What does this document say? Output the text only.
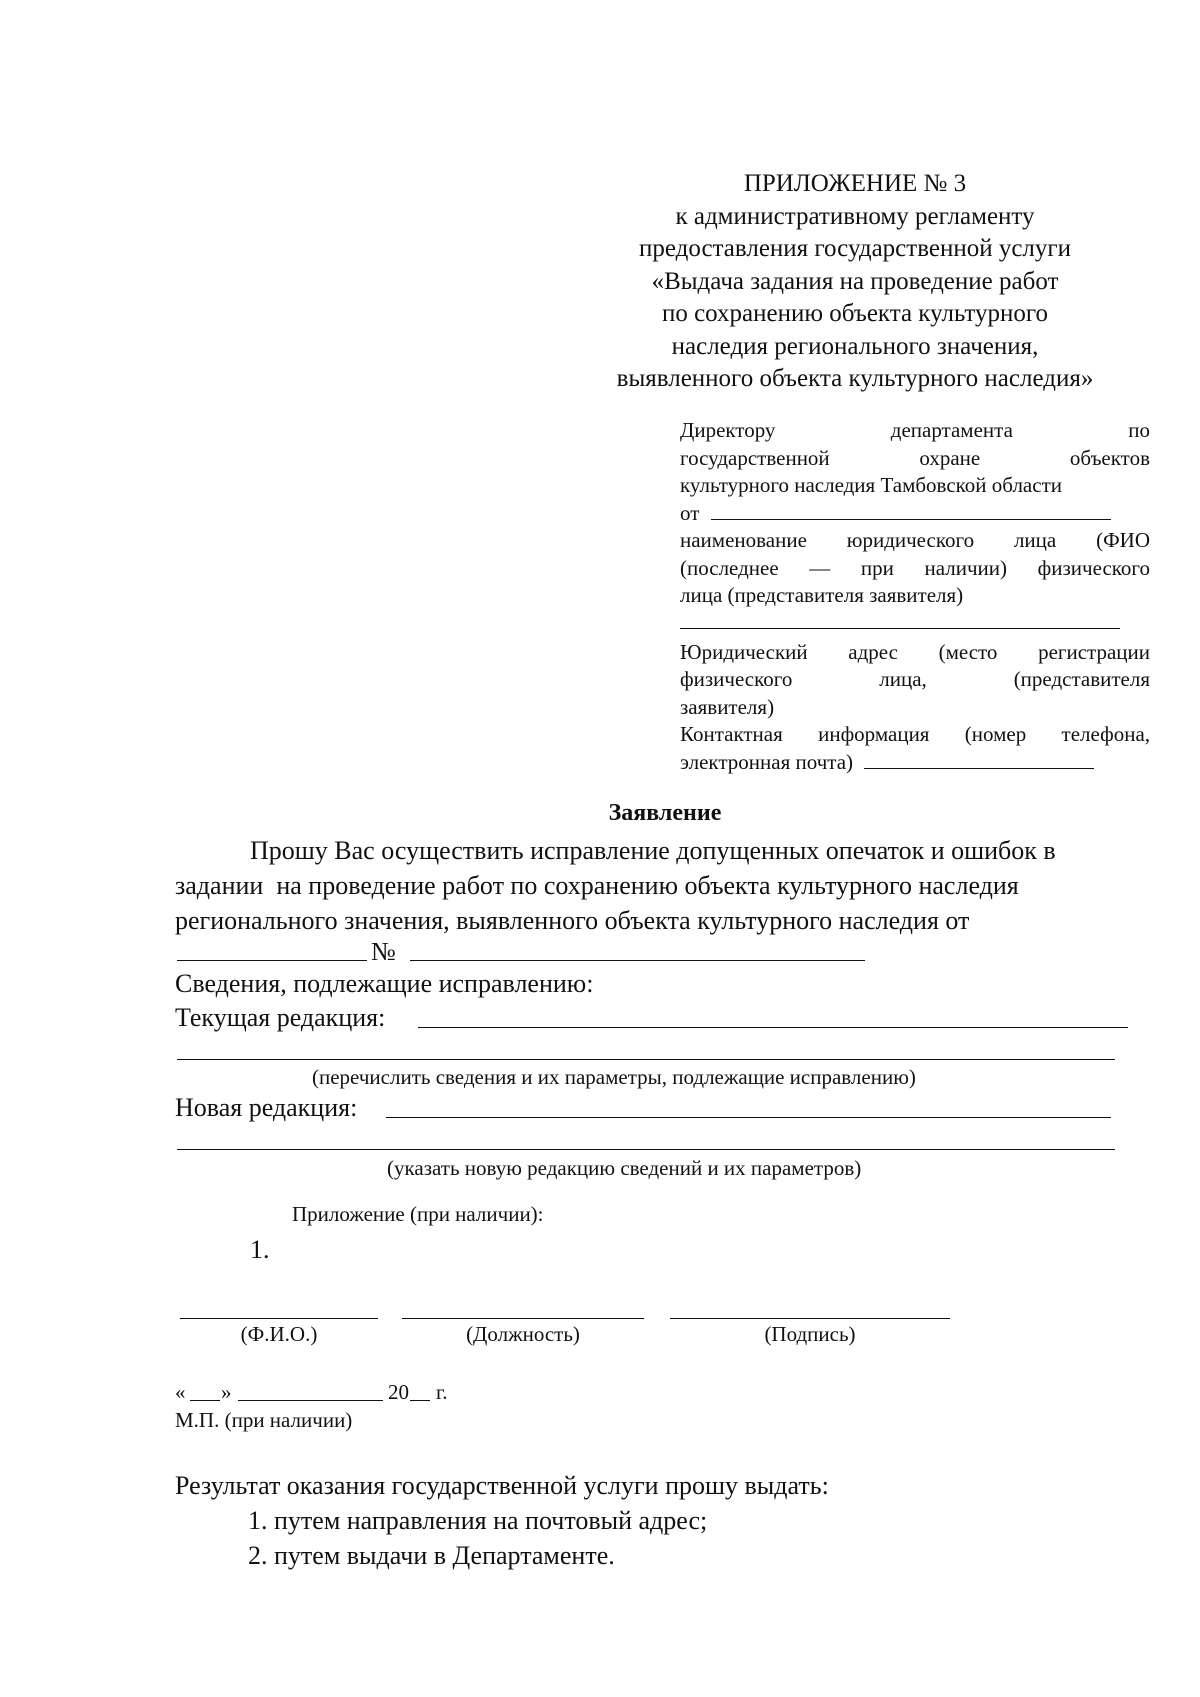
ПРИЛОЖЕНИЕ № 3
к административному регламенту
предоставления государственной услуги
«Выдача задания на проведение работ
по сохранению объекта культурного
наследия регионального значения,
выявленного объекта культурного наследия»
Директору	департамента	по
государственной	охране	объектов
культурного наследия Тамбовской области
от
наименование юридического лица (ФИО
(последнее — при наличии) физического
лица (представителя заявителя)
Юридический адрес (место регистрации
физического	лица,	(представителя
заявителя)
Контактная информация (номер телефона,
электронная почта)
Заявление
Прошу Вас осуществить исправление допущенных опечаток и ошибок в
задании  на проведение работ по сохранению объекта культурного наследия
регионального значения, выявленного объекта культурного наследия от
№
Сведения, подлежащие исправлению:
Текущая редакция:
(перечислить сведения и их параметры, подлежащие исправлению)
Новая редакция:
(указать новую редакцию сведений и их параметров)
Приложение (при наличии):
1.
(Ф.И.О.)	(Должность)	(Подпись)
« »	20 г.
М.П. (при наличии)
Результат оказания государственной услуги прошу выдать:
1. путем направления на почтовый адрес;
2. путем выдачи в Департаменте.
